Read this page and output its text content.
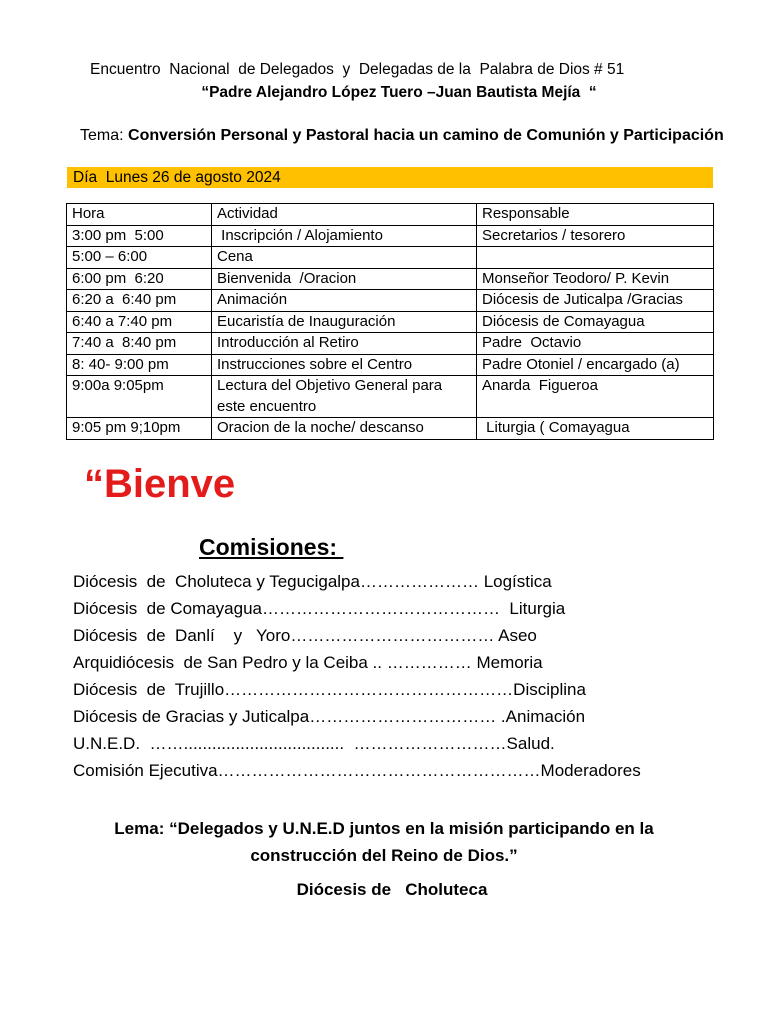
Encuentro  Nacional  de Delegados  y  Delegadas de la  Palabra de Dios # 51
“Padre Alejandro López Tuero –Juan Bautista Mejía  “
Tema: Conversión Personal y Pastoral hacia un camino de Comunión y Participación
Día  Lunes 26 de agosto 2024
Hora	Actividad	Responsable
3:00 pm  5:00	Inscripción / Alojamiento	Secretarios / tesorero
5:00 – 6:00	Cena	
6:00 pm  6:20	Bienvenida  /Oracion	Monseñor Teodoro/ P. Kevin
6:20 a  6:40 pm	Animación	Diócesis de Juticalpa /Gracias
6:40 a 7:40 pm	Eucaristía de Inauguración	Diócesis de Comayagua
7:40 a  8:40 pm	Introducción al Retiro	Padre  Octavio
8: 40- 9:00 pm	Instrucciones sobre el Centro	Padre Otoniel / encargado (a)
9:00a 9:05pm	Lectura del Objetivo General para este encuentro	Anarda  Figueroa
9:05 pm 9;10pm	Oracion de la noche/ descanso	Liturgia ( Comayagua
“Bienve
Comisiones:
Diócesis  de  Choluteca y Tegucigalpa………………… Logística
Diócesis  de Comayagua……………………………………  Liturgia
Diócesis  de  Danlí    y   Yoro……………………………… Aseo
Arquidiócesis  de San Pedro y la Ceiba .. …………… Memoria
Diócesis  de  Trujillo……………………………………………Disciplina
Diócesis de Gracias y Juticalpa…………………………… .Animación
U.N.E.D.  ……..................................  ………………………Salud.
Comisión Ejecutiva…………………………………………………Moderadores
Lema: “Delegados y U.N.E.D juntos en la misión participando en la
construcción del Reino de Dios.”
Diócesis de   Choluteca
